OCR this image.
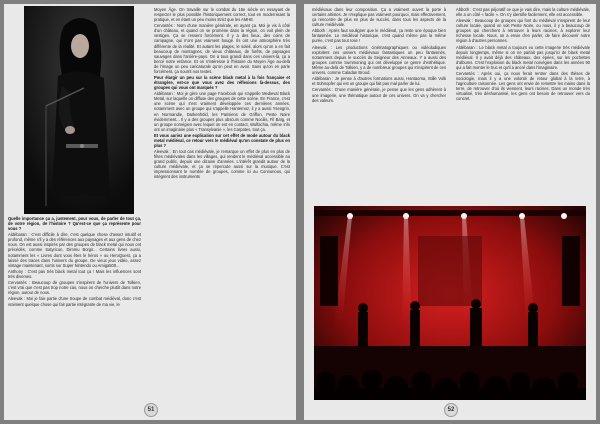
Quelle importance ça a, justement, pour vous, de parler de tout ça, de votre région, de l'histoire ? Qu'est-ce que ça représente pour vous ?

Aldébaran : C'est difficile à dire, c'est quelque chose d'assez intuitif et profond, même s'il y a des références aux paysages et aux gens de chez nous. On est aussi inspirés par des groupes de black metal qui nous ont précédés, comme Satyricon, Dimmu Borgir... Certains livres aussi, notamment les « Livres dont vous êtes le héros » ou HeroQuest, ça a laissé des traces dans l'univers du groupe. De vieux jeux vidéo, assez vintage maintenant, sortis sur Super Nintendo ou Amiga500...

Anthony : C'est pas très black metal tout ça ! Mais les influences sont très diverses.

Cervantès : Beaucoup de groupes s'inspirent de l'univers de Tolkien, c'est vrai que c'est pas trop notre cas, nous on cherche plutôt dans notre région, autour de nous.

Aleevak : Moi je fais partie d'une troupe de combat médiéval, donc c'est vraiment quelque chose qui fait partie intégrante de ma vie, le

Moyen Âge. On travaille sur le combat du 15e siècle en essayant de respecter le plus possible l'historiquement correct, tout en modernisant la pratique, et en étant un peu moins strict que les AMHE.

Cervantès : Nom d'une manière générale, en ayant ça. Moi je vis à côté d'un château, et quand on se promène dans la région, on voit plein de vestiges. Ça se ressent forcément. Il y a des lieux, des coins de campagne, qui n'ont pas vraiment bougé. Ils ont une atmosphère très différente de la réalité. Et autant les plages, le soleil, alors qu'on a en fait beaucoup de montagnes, de vieux châteaux, de forêts, de paysages sauvages dans l'arrière-pays. On a tous grandi dans ces univers-là, ça a bercé notre enfance. Et on s'intéresse à l'histoire du Moyen Âge au-delà de l'image un peu caricaturale qu'on peut en avoir. Sans qu'on en parle forcément, ça nourrit nos textes.

Pour élargir un peu sur la scène black metal à la fois française et étrangère, est-ce que vous avez des réflexions là-dessus, des groupes qui vous ont marqués ?

Aldébaran : Moi je gère une page Facebook qui s'appelle Medieval Black Metal, sur laquelle on diffuse des groupes de cette scène. En France, c'est une scène qui s'est vraiment développée ces dernières années, notamment avec un groupe qui s'appelle Hanternoz, il y a aussi Ysengrin, en Normandie, Darkenhöld, les Parisiens de Griffon, Peste Noire évidemment... Il y a des groupes plus obscurs comme Nocilis, Fil Baïg, et un groupe norvégien avec lequel on est en contact, Wulfachia, même s'ils ont un imaginaire plus « Transylvanie », les Carpates, tout ça.

Et vous auriez une explication sur cet effet de mode autour du black metal médiéval, ce retour vers le médiéval qu'on constate de plus en plus ?

Aleevak : En tout cas médiévale, je remarque un effet de plus en plus de fêtes médiévales dans les villages, qui rendent le médiéval accessible au grand public, depuis une dizaine d'années. L'intérêt grandit autour de la culture médiévale, et ça se répercute aussi sur la musique. C'est impressionnant le nombre de groupes, comme ici au Connunous, qui intègrent des instruments

51

médiévaux dans leur composition. Ça a vraiment ouvert la porte à certains artistes. Je n'explique pas vraiment pourquoi, mais effectivement, ça rencontre de plus en plus de succès, dans tous les aspects de la culture médiévale.

Abboth : Après faut souligner que le médiéval, ça reste une époque bien fantasmée. Le médiéval historique, c'est quand même pas la même purée, c'est pas tout rose !

Aleevak : Les productions cinématographiques ou vidéoludiques exploitent ces univers médiévaux fantastiques un peu fantasmés, notamment depuis le succès du Seigneur des Anneaux. Y a aussi des groupes comme Summoning qui ont développé ce genre d'esthétique. Même au-delà de Tolkien, y a de nombreux groupes qui s'inspirent de ces univers, comme Caladan Brood.

Aldébaran : Je pense à d'autres formations aussi, Hantaoma, Stille Volk et Sühnopfer qui est un groupe qui fait pas mal parler de lui.

Cervantès : D'une manière générale, je pense que les gens adhèrent à une imagerie, une thématique autour de ces univers. On va y chercher des valeurs.

Abboth : C'est pas péjoratif ce que je vais dire, mais la culture médiévale, elle a un côté « facile ». On s'y identifie facilement, elle est accessible.

Aleevak : Beaucoup de groupes qui font du médiéval s'inspirent de leur culture locale, quand on voit Peste Noire, ou nous, il y a beaucoup de groupes qui cherchent à retrouver à leurs racines, à explorer leur richesse locale. Nous, on a envie d'en parler, de faire découvrir notre région à d'autres personnes.

Aldébaran : Le black metal a toujours eu cette imagerie très médiévale depuis longtemps, même si on ne parlait pas jusqu'ici de black metal médiéval. Il y avait déjà des châteaux, des épées, sur les pochettes d'albums. C'est l'explosion du black metal norvégien dans les années 90 qui a fait monter le truc et qu'il a ancré dans l'imaginaire.

Cervantès : Après oui, ça nous ferait rentrer dans des thèses de sociologie, mais il y a une volonté de retour global à la terre, à l'agriculture raisonnée. Les gens ont envie de remettre les mains dans la terre, de retrouver d'où ils viennent, leurs racines. Dans un monde très virtualisé, très déshumanisé, les gens ont besoin de retrouver vers du concret.

52
